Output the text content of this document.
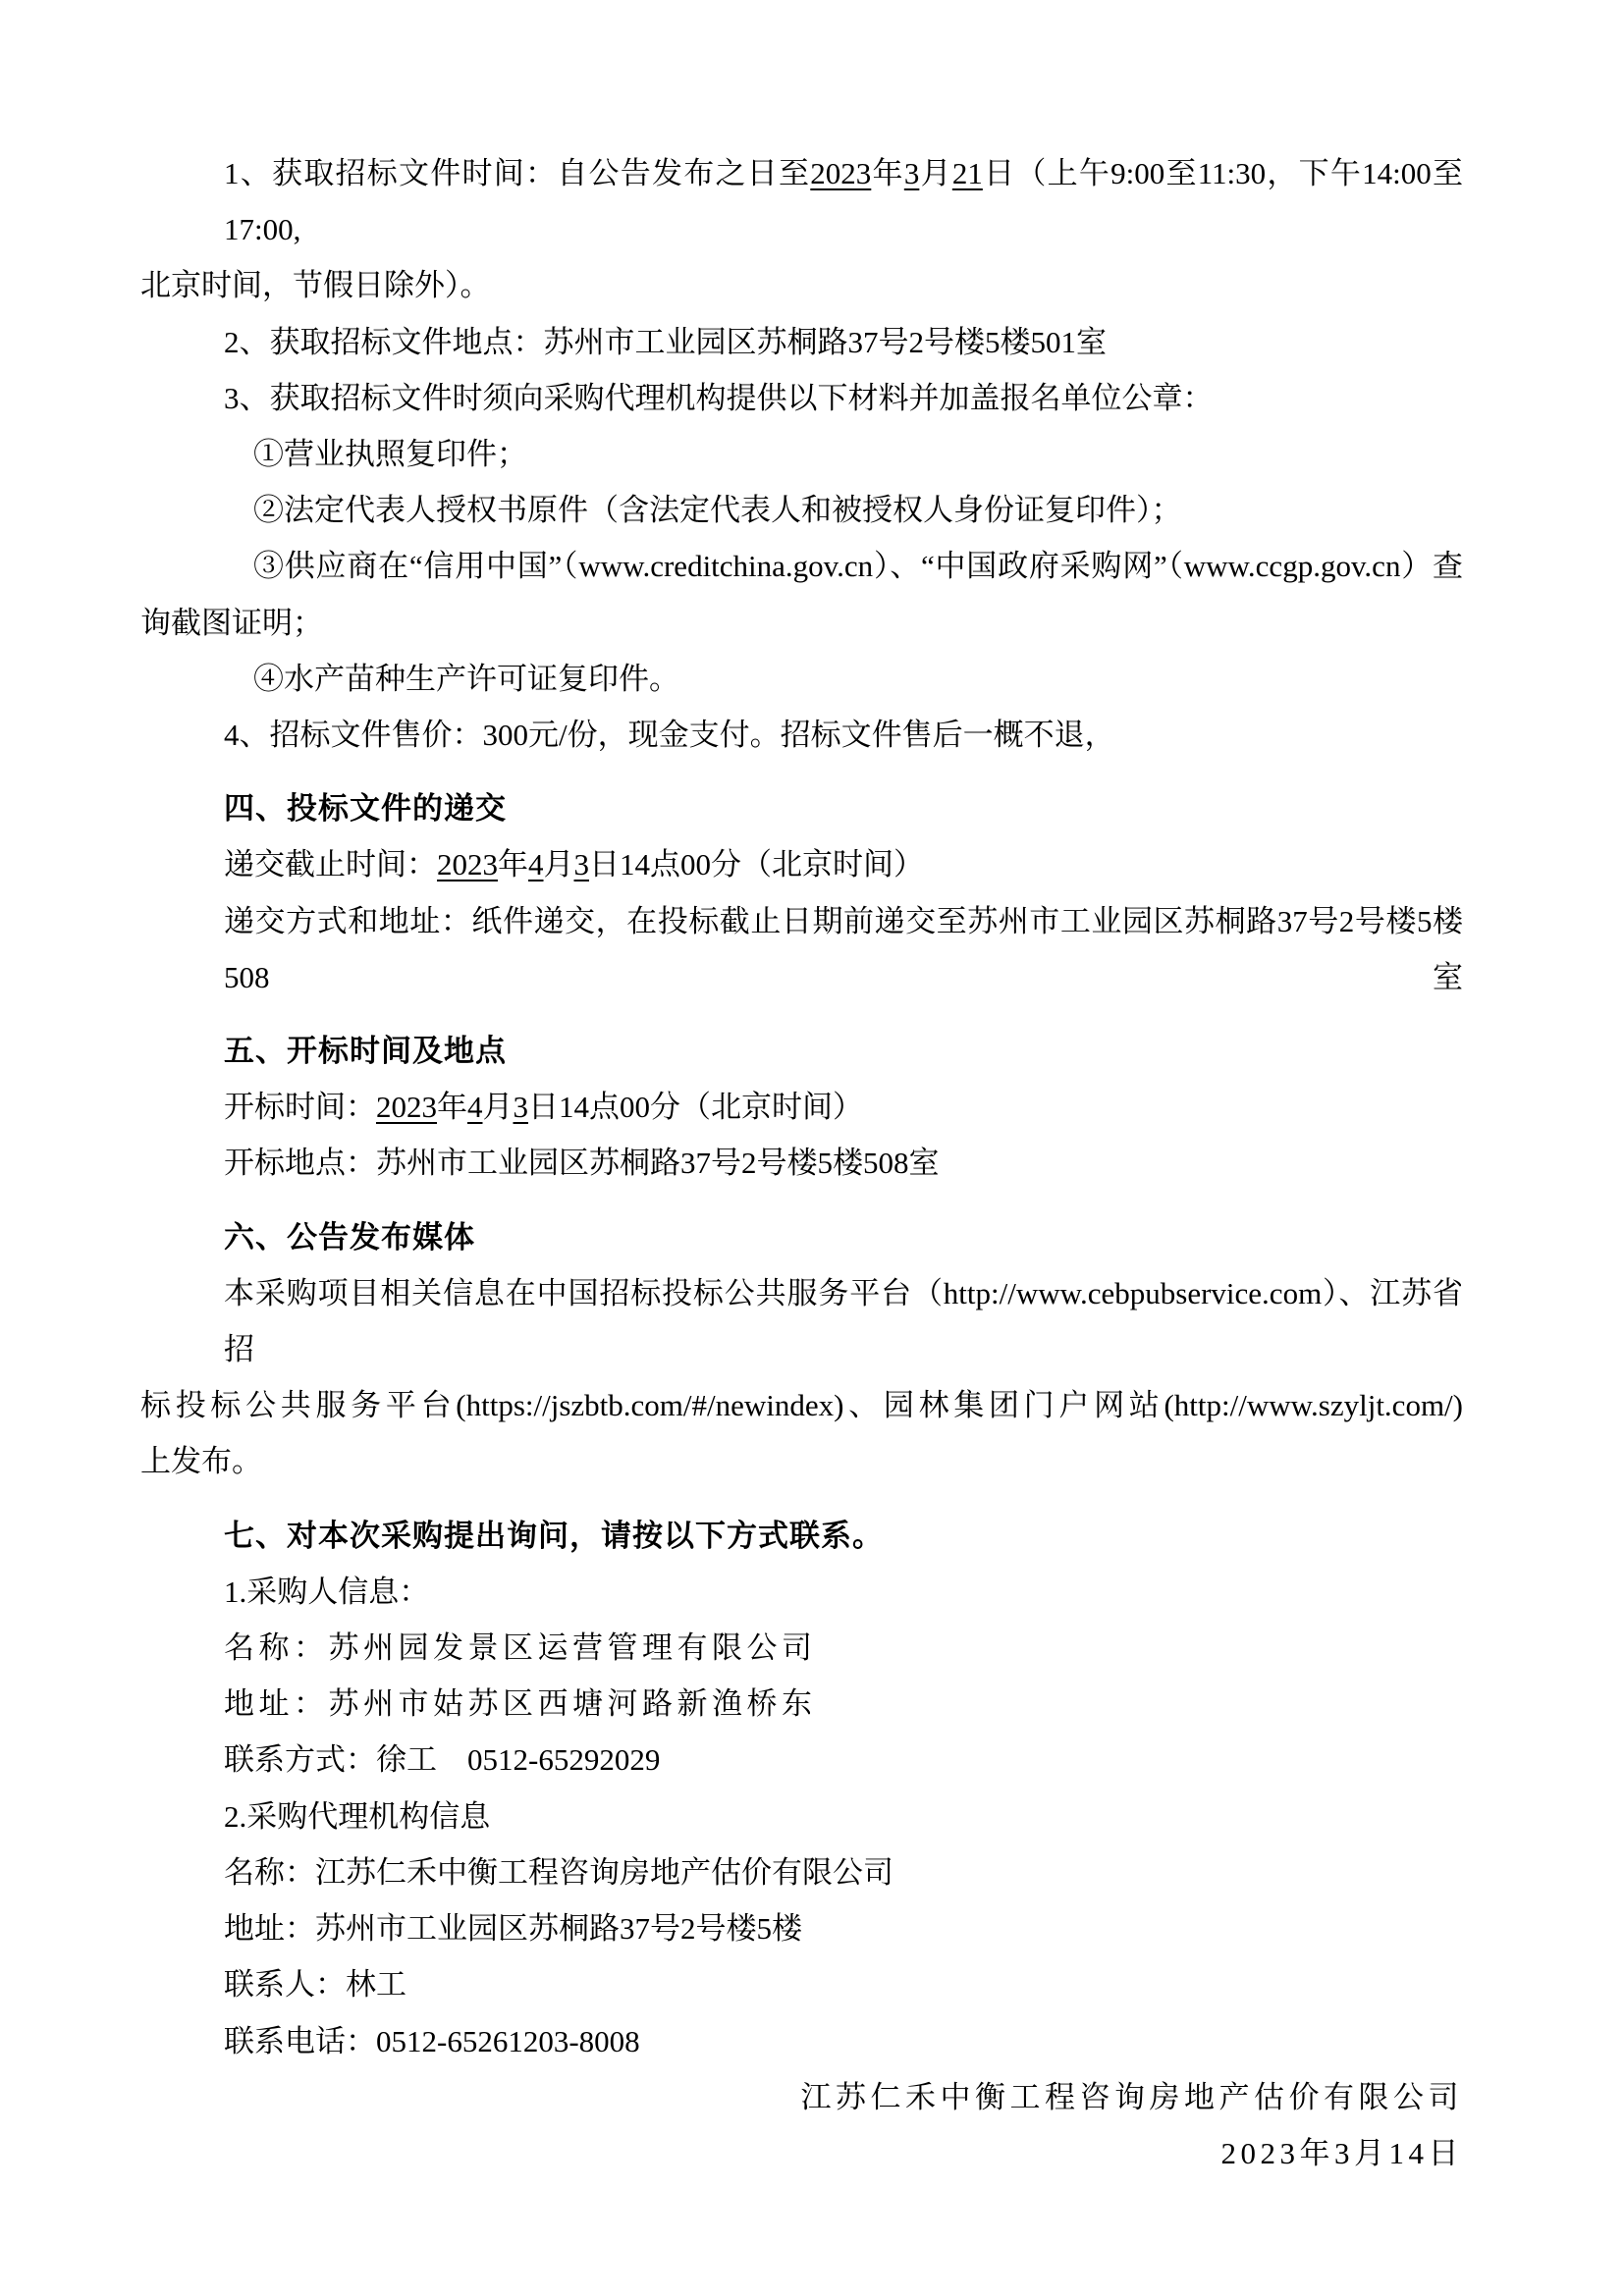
1、获取招标文件时间：自公告发布之日至2023年3月21日（上午9:00至11:30，下午14:00至17:00,
北京时间，节假日除外）。
2、获取招标文件地点：苏州市工业园区苏桐路37号2号楼5楼501室
3、获取招标文件时须向采购代理机构提供以下材料并加盖报名单位公章：
①营业执照复印件；
②法定代表人授权书原件（含法定代表人和被授权人身份证复印件）；
③供应商在“信用中国”（www.creditchina.gov.cn）、“中国政府采购网”（www.ccgp.gov.cn）查
询截图证明；
④水产苗种生产许可证复印件。
4、招标文件售价：300元/份，现金支付。招标文件售后一概不退，
四、投标文件的递交
递交截止时间：2023年4月3日14点00分（北京时间）
递交方式和地址：纸件递交，在投标截止日期前递交至苏州市工业园区苏桐路37号2号楼5楼508室
五、开标时间及地点
开标时间：2023年4月3日14点00分（北京时间）
开标地点：苏州市工业园区苏桐路37号2号楼5楼508室
六、公告发布媒体
本采购项目相关信息在中国招标投标公共服务平台（http://www.cebpubservice.com）、江苏省招
标投标公共服务平台(https://jszbtb.com/#/newindex)、园林集团门户网站(http://www.szyljt.com/)
上发布。
七、对本次采购提出询问，请按以下方式联系。
1.采购人信息：
名称：苏州园发景区运营管理有限公司
地址：苏州市姑苏区西塘河路新渔桥东
联系方式：徐工　0512-65292029
2.采购代理机构信息
名称：江苏仁禾中衡工程咨询房地产估价有限公司
地址：苏州市工业园区苏桐路37号2号楼5楼
联系人：林工
联系电话：0512-65261203-8008
江苏仁禾中衡工程咨询房地产估价有限公司
2023年3月14日
